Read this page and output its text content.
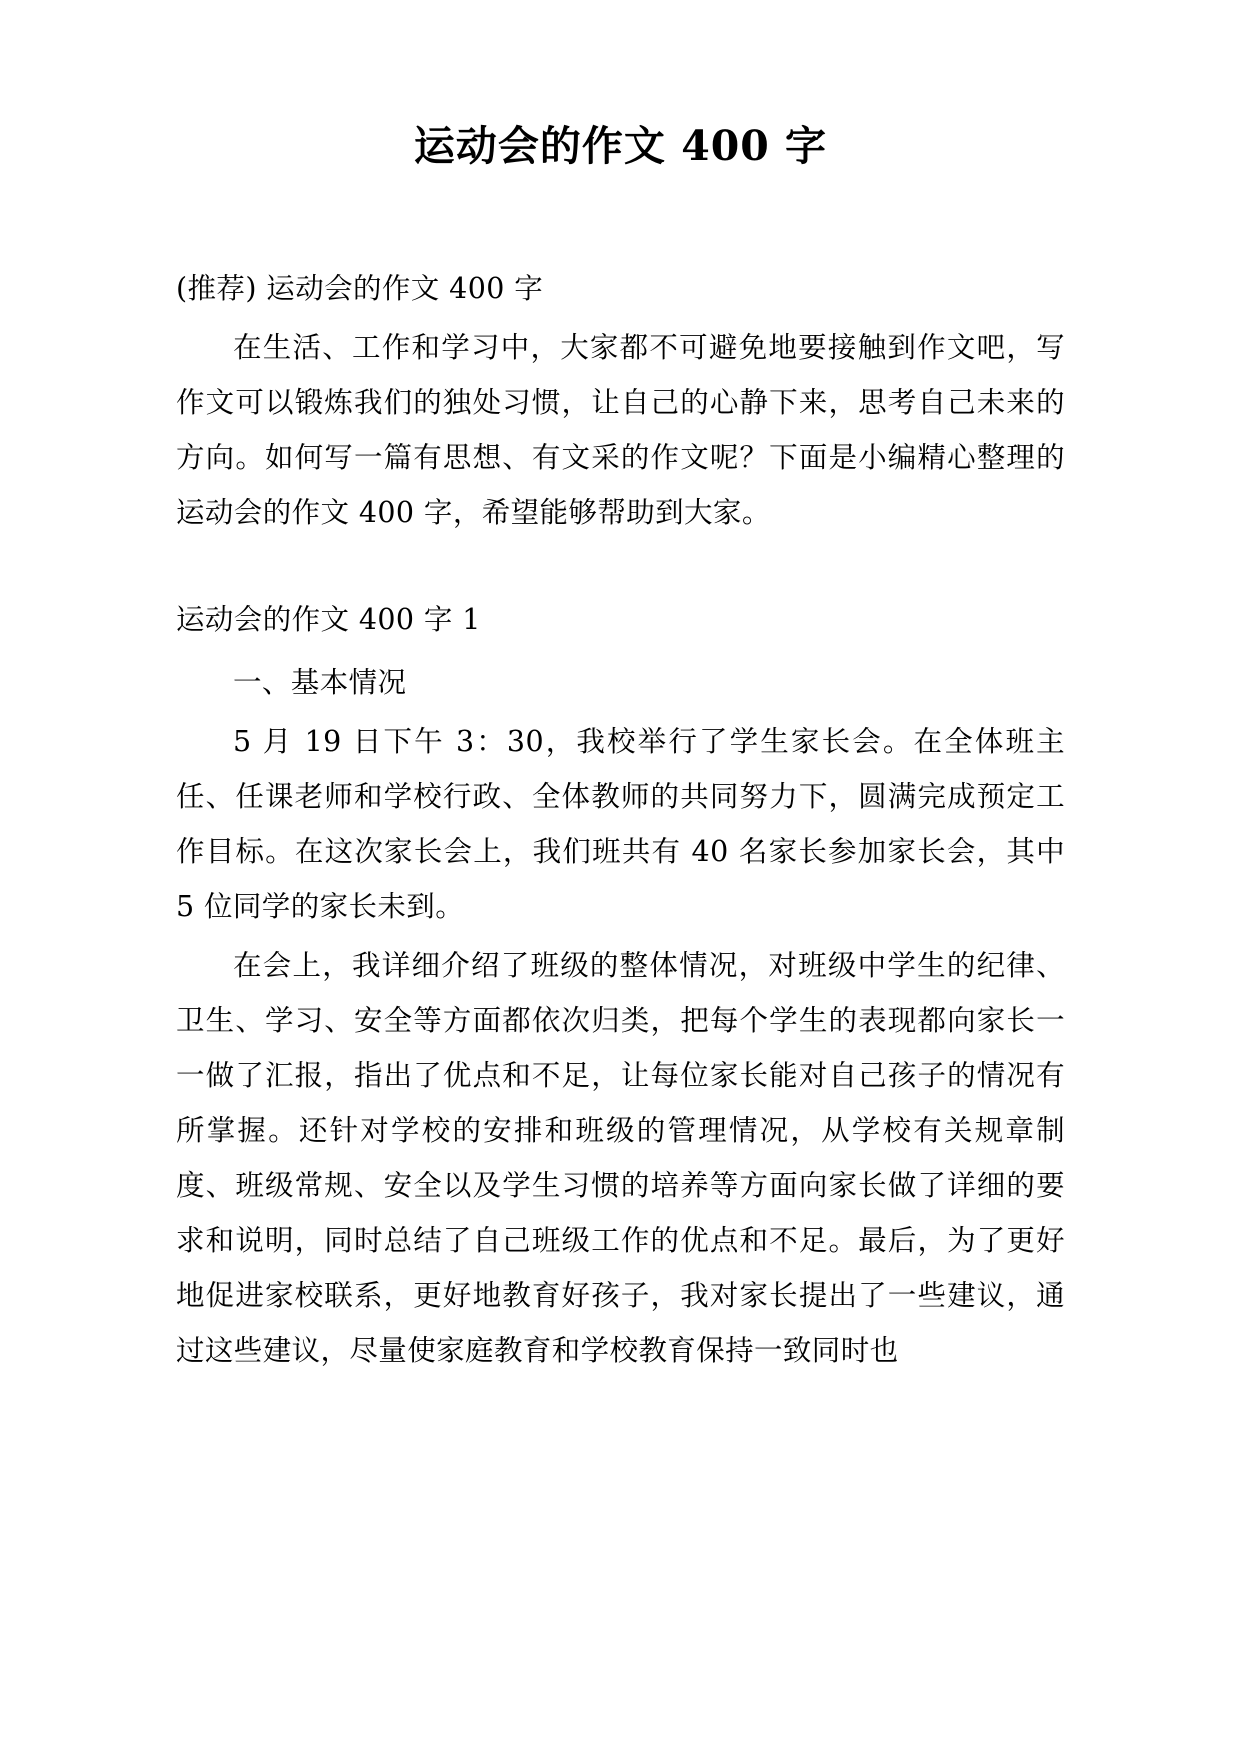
运动会的作文 400 字

(推荐) 运动会的作文 400 字

在生活、工作和学习中，大家都不可避免地要接触到作文吧，写作文可以锻炼我们的独处习惯，让自己的心静下来，思考自己未来的方向。如何写一篇有思想、有文采的作文呢？下面是小编精心整理的运动会的作文 400 字，希望能够帮助到大家。

运动会的作文 400 字 1

一、基本情况

5 月 19 日下午 3：30，我校举行了学生家长会。在全体班主任、任课老师和学校行政、全体教师的共同努力下，圆满完成预定工作目标。在这次家长会上，我们班共有 40 名家长参加家长会，其中 5 位同学的家长未到。

在会上，我详细介绍了班级的整体情况，对班级中学生的纪律、卫生、学习、安全等方面都依次归类，把每个学生的表现都向家长一一做了汇报，指出了优点和不足，让每位家长能对自己孩子的情况有所掌握。还针对学校的安排和班级的管理情况，从学校有关规章制度、班级常规、安全以及学生习惯的培养等方面向家长做了详细的要求和说明，同时总结了自己班级工作的优点和不足。最后，为了更好地促进家校联系，更好地教育好孩子，我对家长提出了一些建议，通过这些建议，尽量使家庭教育和学校教育保持一致同时也
